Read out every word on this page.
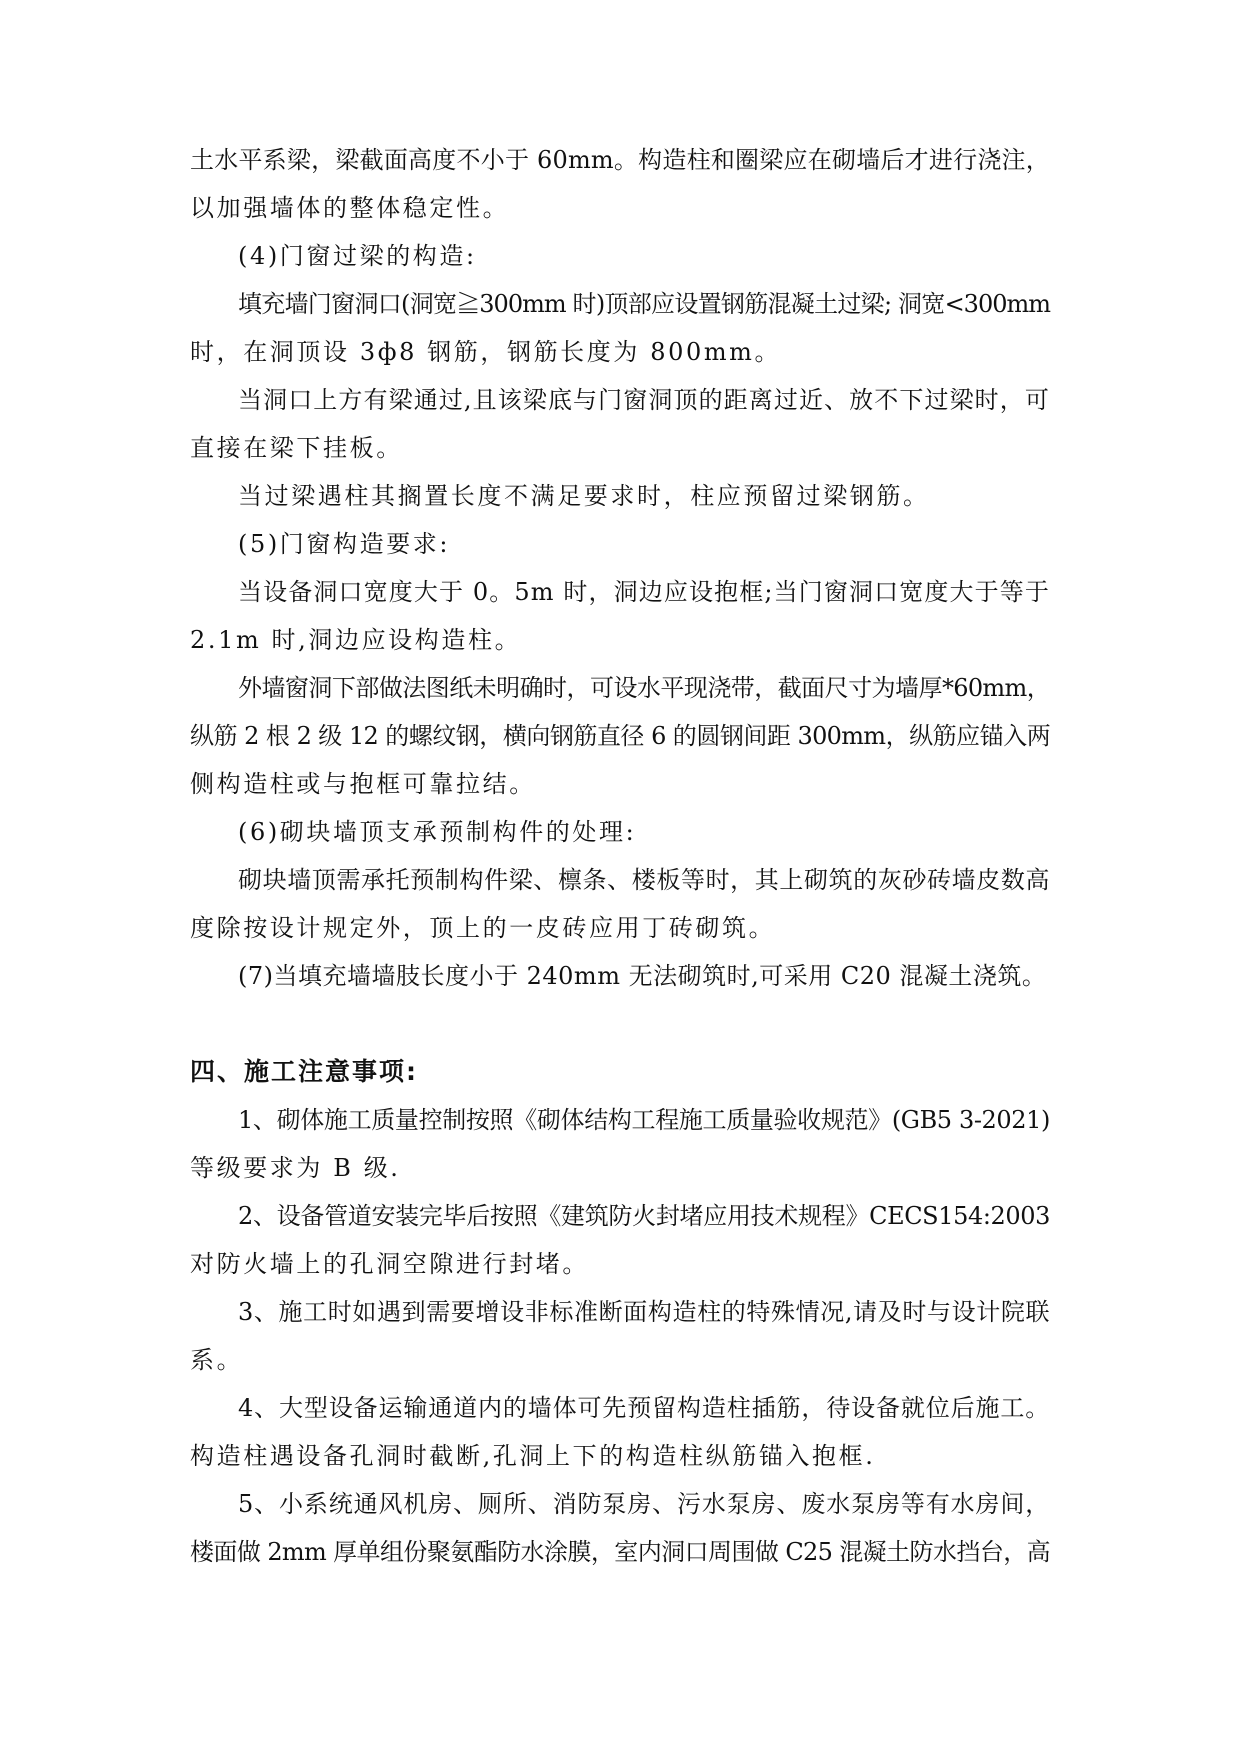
土水平系梁，梁截面高度不小于 60mm。构造柱和圈梁应在砌墙后才进行浇注，
以加强墙体的整体稳定性。
(4)门窗过梁的构造:
填充墙门窗洞口(洞宽≧300mm 时)顶部应设置钢筋混凝土过梁; 洞宽<300mm
时，在洞顶设 3ф8 钢筋，钢筋长度为 800mm。
当洞口上方有梁通过,且该梁底与门窗洞顶的距离过近、放不下过梁时，可
直接在梁下挂板。
当过梁遇柱其搁置长度不满足要求时，柱应预留过梁钢筋。
(5)门窗构造要求:
当设备洞口宽度大于 0。5m 时，洞边应设抱框;当门窗洞口宽度大于等于
2.1m 时,洞边应设构造柱。
外墙窗洞下部做法图纸未明确时，可设水平现浇带，截面尺寸为墙厚*60mm，
纵筋 2 根 2 级 12 的螺纹钢，横向钢筋直径 6 的圆钢间距 300mm，纵筋应锚入两
侧构造柱或与抱框可靠拉结。
(6)砌块墙顶支承预制构件的处理:
砌块墙顶需承托预制构件梁、檩条、楼板等时，其上砌筑的灰砂砖墙皮数高
度除按设计规定外，顶上的一皮砖应用丁砖砌筑。
(7)当填充墙墙肢长度小于 240mm 无法砌筑时,可采用 C20 混凝土浇筑。
四、施工注意事项:
1、砌体施工质量控制按照《砌体结构工程施工质量验收规范》(GB5 3-2021)
等级要求为 B 级.
2、设备管道安装完毕后按照《建筑防火封堵应用技术规程》CECS154:2003
对防火墙上的孔洞空隙进行封堵。
3、施工时如遇到需要增设非标准断面构造柱的特殊情况,请及时与设计院联
系。
4、大型设备运输通道内的墙体可先预留构造柱插筋，待设备就位后施工。
构造柱遇设备孔洞时截断,孔洞上下的构造柱纵筋锚入抱框.
5、小系统通风机房、厕所、消防泵房、污水泵房、废水泵房等有水房间，
楼面做 2mm 厚单组份聚氨酯防水涂膜，室内洞口周围做 C25 混凝土防水挡台，高
